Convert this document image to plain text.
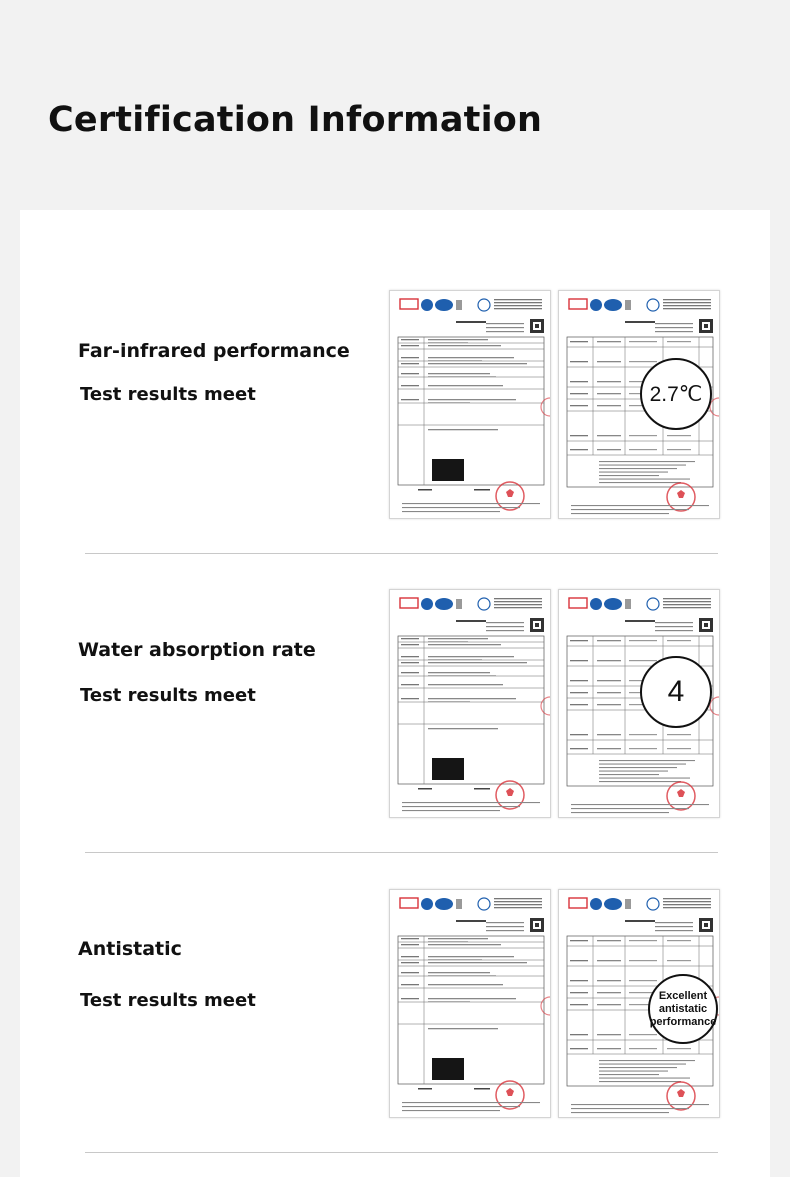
Certification Information
Far-infrared performance
Test results meet	2.7℃
Water absorption rate
Test results meet	4
Antistatic
Test results meet	Excellent antistatic performance
